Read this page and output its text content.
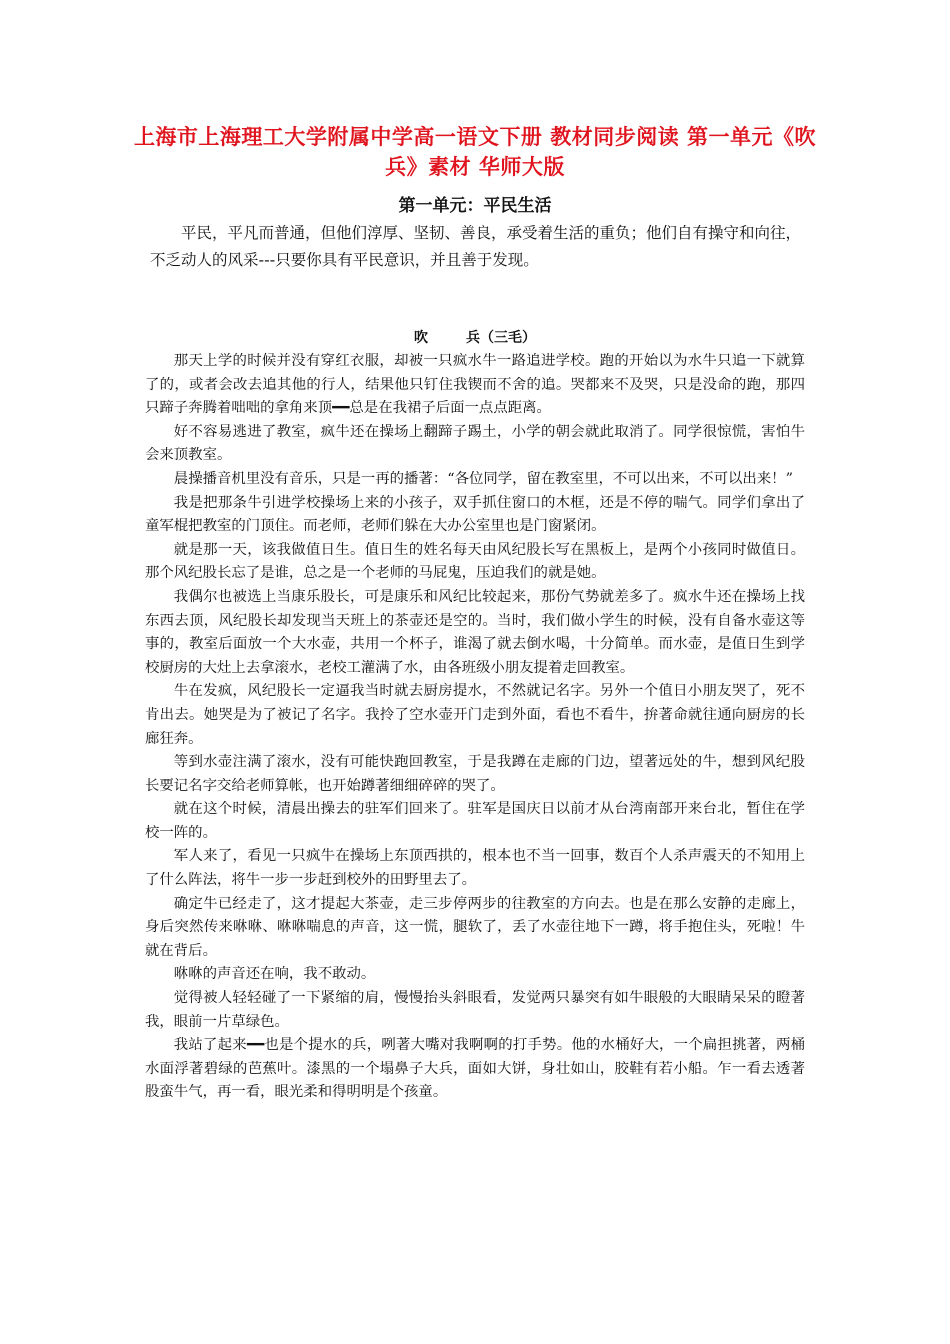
上海市上海理工大学附属中学高一语文下册 教材同步阅读 第一单元《吹兵》素材 华师大版
第一单元：平民生活
平民，平凡而普通，但他们淳厚、坚韧、善良，承受着生活的重负；他们自有操守和向往，不乏动人的风采---只要你具有平民意识，并且善于发现。
吹	兵（三毛）

那天上学的时候并没有穿红衣服，却被一只疯水牛一路追进学校。跑的开始以为水牛只追一下就算了的，或者会改去追其他的行人，结果他只钉住我锲而不舍的追。哭都来不及哭，只是没命的跑，那四只蹄子奔腾着咄咄的拿角来顶━━总是在我裙子后面一点点距离。

好不容易逃进了教室，疯牛还在操场上翻蹄子踢土，小学的朝会就此取消了。同学很惊慌，害怕牛会来顶教室。

晨操播音机里没有音乐，只是一再的播著：“各位同学，留在教室里，不可以出来，不可以出来！”

我是把那条牛引进学校操场上来的小孩子，双手抓住窗口的木框，还是不停的喘气。同学们拿出了童军棍把教室的门顶住。而老师，老师们躲在大办公室里也是门窗紧闭。

就是那一天，该我做值日生。值日生的姓名每天由风纪股长写在黑板上，是两个小孩同时做值日。那个风纪股长忘了是谁，总之是一个老师的马屁鬼，压迫我们的就是她。

我偶尔也被选上当康乐股长，可是康乐和风纪比较起来，那份气势就差多了。疯水牛还在操场上找东西去顶，风纪股长却发现当天班上的茶壶还是空的。当时，我们做小学生的时候，没有自备水壶这等事的，教室后面放一个大水壶，共用一个杯子，谁渴了就去倒水喝，十分简单。而水壶，是值日生到学校厨房的大灶上去拿滚水，老校工灌满了水，由各班级小朋友提着走回教室。

牛在发疯，风纪股长一定逼我当时就去厨房提水，不然就记名字。另外一个值日小朋友哭了，死不肯出去。她哭是为了被记了名字。我拎了空水壶开门走到外面，看也不看牛，拚著命就往通向厨房的长廊狂奔。

等到水壶注满了滚水，没有可能快跑回教室，于是我蹲在走廊的门边，望著远处的牛，想到风纪股长要记名字交给老师算帐，也开始蹲著细细碎碎的哭了。

就在这个时候，清晨出操去的驻军们回来了。驻军是国庆日以前才从台湾南部开来台北，暂住在学校一阵的。

军人来了，看见一只疯牛在操场上东顶西拱的，根本也不当一回事，数百个人杀声震天的不知用上了什么阵法，将牛一步一步赶到校外的田野里去了。

确定牛已经走了，这才提起大茶壶，走三步停两步的往教室的方向去。也是在那么安静的走廊上，身后突然传来咻咻、咻咻喘息的声音，这一慌，腿软了，丢了水壶往地下一蹲，将手抱住头，死啦！牛就在背后。

咻咻的声音还在响，我不敢动。

觉得被人轻轻碰了一下紧缩的肩，慢慢抬头斜眼看，发觉两只暴突有如牛眼般的大眼睛呆呆的瞪著我，眼前一片草绿色。

我站了起来━━也是个提水的兵，咧著大嘴对我啊啊的打手势。他的水桶好大，一个扁担挑著，两桶水面浮著碧绿的芭蕉叶。漆黑的一个塌鼻子大兵，面如大饼，身壮如山，胶鞋有若小船。乍一看去透著股蛮牛气，再一看，眼光柔和得明明是个孩童。
